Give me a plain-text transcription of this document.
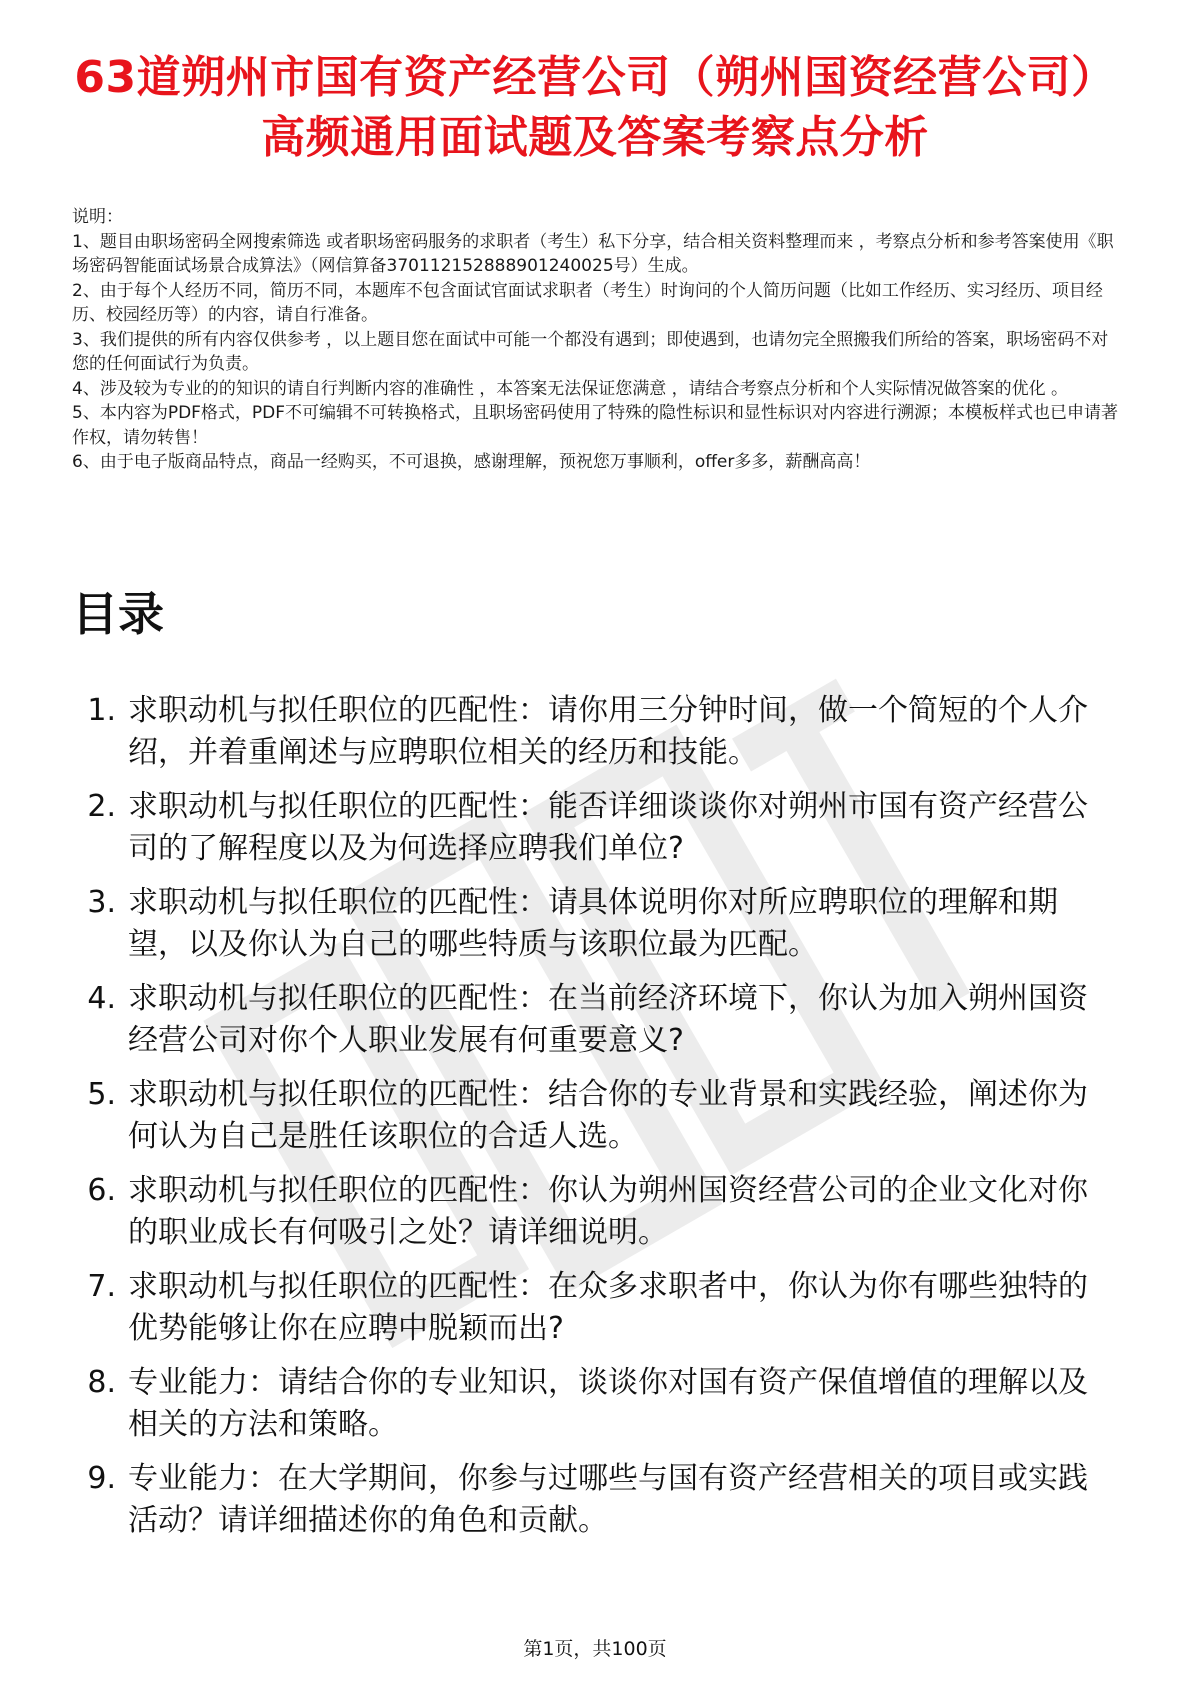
63道朔州市国有资产经营公司（朔州国资经营公司）高频通用面试题及答案考察点分析

说明：

1、题目由职场密码全网搜索筛选 或者职场密码服务的求职者（考生）私下分享，结合相关资料整理而来 ，考察点分析和参考答案使用《职场密码智能面试场景合成算法》（网信算备370112152888901240025号）生成。

2、由于每个人经历不同，简历不同，本题库不包含面试官面试求职者（考生）时询问的个人简历问题（比如工作经历、实习经历、项目经历、校园经历等）的内容，请自行准备。

3、我们提供的所有内容仅供参考 ，以上题目您在面试中可能一个都没有遇到；即使遇到，也请勿完全照搬我们所给的答案，职场密码不对您的任何面试行为负责。

4、涉及较为专业的的知识的请自行判断内容的准确性 ，本答案无法保证您满意 ，请结合考察点分析和个人实际情况做答案的优化 。

5、本内容为PDF格式，PDF不可编辑不可转换格式，且职场密码使用了特殊的隐性标识和显性标识对内容进行溯源；本模板样式也已申请著作权，请勿转售！

6、由于电子版商品特点，商品一经购买，不可退换，感谢理解，预祝您万事顺利，offer多多，薪酬高高！

目录
1. 求职动机与拟任职位的匹配性：请你用三分钟时间，做一个简短的个人介绍，并着重阐述与应聘职位相关的经历和技能。
2. 求职动机与拟任职位的匹配性：能否详细谈谈你对朔州市国有资产经营公司的了解程度以及为何选择应聘我们单位?
3. 求职动机与拟任职位的匹配性：请具体说明你对所应聘职位的理解和期望，以及你认为自己的哪些特质与该职位最为匹配。
4. 求职动机与拟任职位的匹配性：在当前经济环境下，你认为加入朔州国资经营公司对你个人职业发展有何重要意义?
5. 求职动机与拟任职位的匹配性：结合你的专业背景和实践经验，阐述你为何认为自己是胜任该职位的合适人选。
6. 求职动机与拟任职位的匹配性：你认为朔州国资经营公司的企业文化对你的职业成长有何吸引之处？请详细说明。
7. 求职动机与拟任职位的匹配性：在众多求职者中，你认为你有哪些独特的优势能够让你在应聘中脱颖而出?
8. 专业能力：请结合你的专业知识，谈谈你对国有资产保值增值的理解以及相关的方法和策略。
9. 专业能力：在大学期间，你参与过哪些与国有资产经营相关的项目或实践活动？请详细描述你的角色和贡献。
第1页，共100页
